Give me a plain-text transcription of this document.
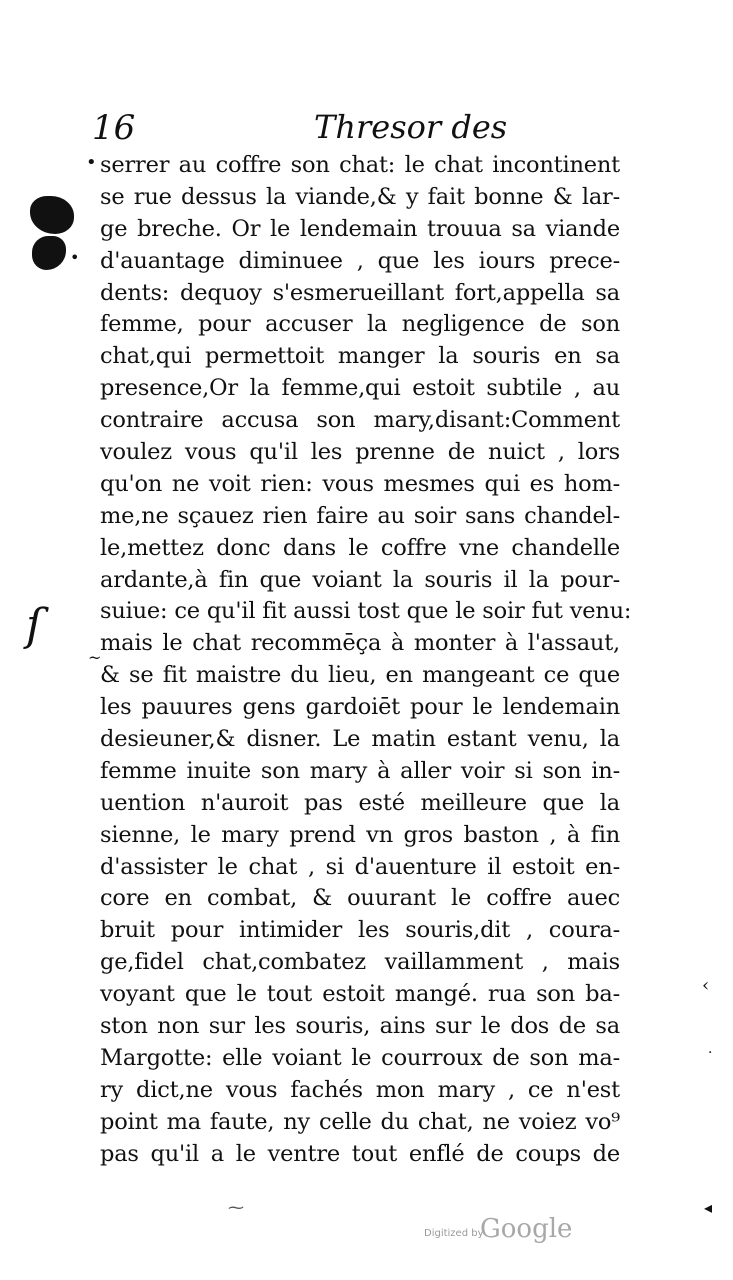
16	Thresor des
•
•
ſ
~
‹
·
◂
⁓
serrer au coffre son chat: le chat incontinent
se rue dessus la viande,& y fait bonne & lar-
ge breche. Or le lendemain trouua sa viande
d'auantage diminuee , que les iours prece-
dents: dequoy s'esmerueillant fort,appella sa
femme, pour accuser la negligence de son
chat,qui permettoit manger la souris en sa
presence,Or la femme,qui estoit subtile , au
contraire accusa son mary,disant:Comment
voulez vous qu'il les prenne de nuict , lors
qu'on ne voit rien: vous mesmes qui es hom-
me,ne sçauez rien faire au soir sans chandel-
le,mettez donc dans le coffre vne chandelle
ardante,à fin que voiant la souris il la pour-
suiue: ce qu'il fit aussi tost que le soir fut venu:
mais le chat recommēça à monter à l'assaut,
& se fit maistre du lieu, en mangeant ce que
les pauures gens gardoiēt pour le lendemain
desieuner,& disner. Le matin estant venu, la
femme inuite son mary à aller voir si son in-
uention n'auroit pas esté meilleure que la
sienne, le mary prend vn gros baston , à fin
d'assister le chat , si d'auenture il estoit en-
core en combat, & ouurant le coffre auec
bruit pour intimider les souris,dit , coura-
ge,fidel chat,combatez vaillamment , mais
voyant que le tout estoit mangé. rua son ba-
ston non sur les souris, ains sur le dos de sa
Margotte: elle voiant le courroux de son ma-
ry dict,ne vous fachés mon mary , ce n'est
point ma faute, ny celle du chat, ne voiez vo⁹
pas qu'il a le ventre tout enflé de coups de
Digitized by
Google
